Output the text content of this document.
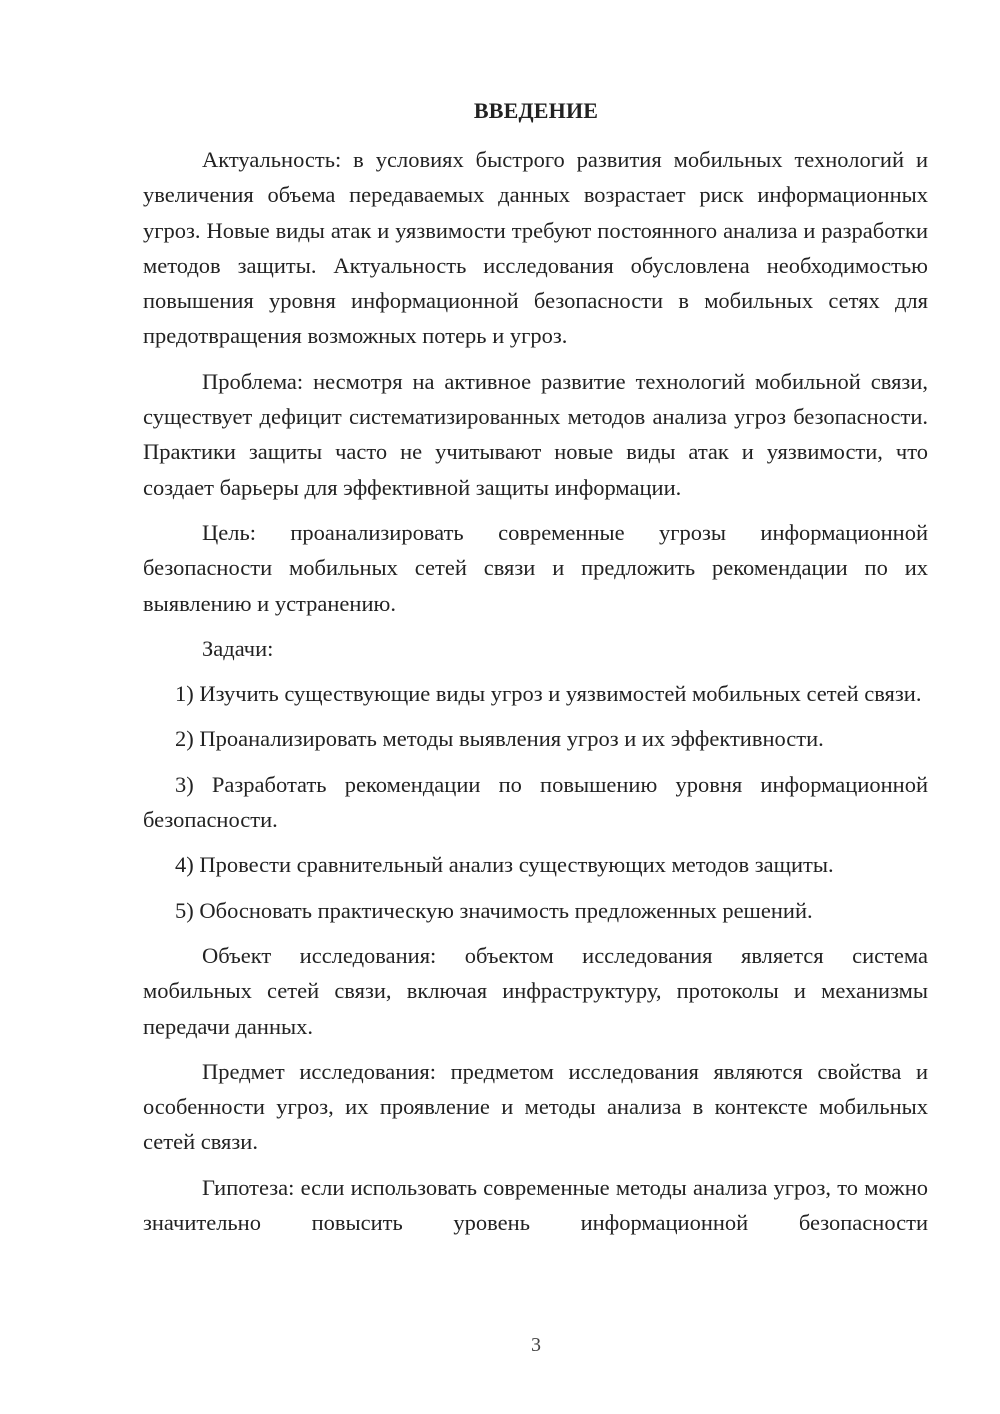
ВВЕДЕНИЕ

Актуальность: в условиях быстрого развития мобильных технологий и увеличения объема передаваемых данных возрастает риск информационных угроз. Новые виды атак и уязвимости требуют постоянного анализа и разработки методов защиты. Актуальность исследования обусловлена необходимостью повышения уровня информационной безопасности в мобильных сетях для предотвращения возможных потерь и угроз.

Проблема: несмотря на активное развитие технологий мобильной связи, существует дефицит систематизированных методов анализа угроз безопасности. Практики защиты часто не учитывают новые виды атак и уязвимости, что создает барьеры для эффективной защиты информации.

Цель: проанализировать современные угрозы информационной безопасности мобильных сетей связи и предложить рекомендации по их выявлению и устранению.

Задачи:

1) Изучить существующие виды угроз и уязвимостей мобильных сетей связи.

2) Проанализировать методы выявления угроз и их эффективности.

3) Разработать рекомендации по повышению уровня информационной безопасности.

4) Провести сравнительный анализ существующих методов защиты.

5) Обосновать практическую значимость предложенных решений.

Объект исследования: объектом исследования является система мобильных сетей связи, включая инфраструктуру, протоколы и механизмы передачи данных.

Предмет исследования: предметом исследования являются свойства и особенности угроз, их проявление и методы анализа в контексте мобильных сетей связи.

Гипотеза: если использовать современные методы анализа угроз, то можно значительно повысить уровень информационной безопасности

3
